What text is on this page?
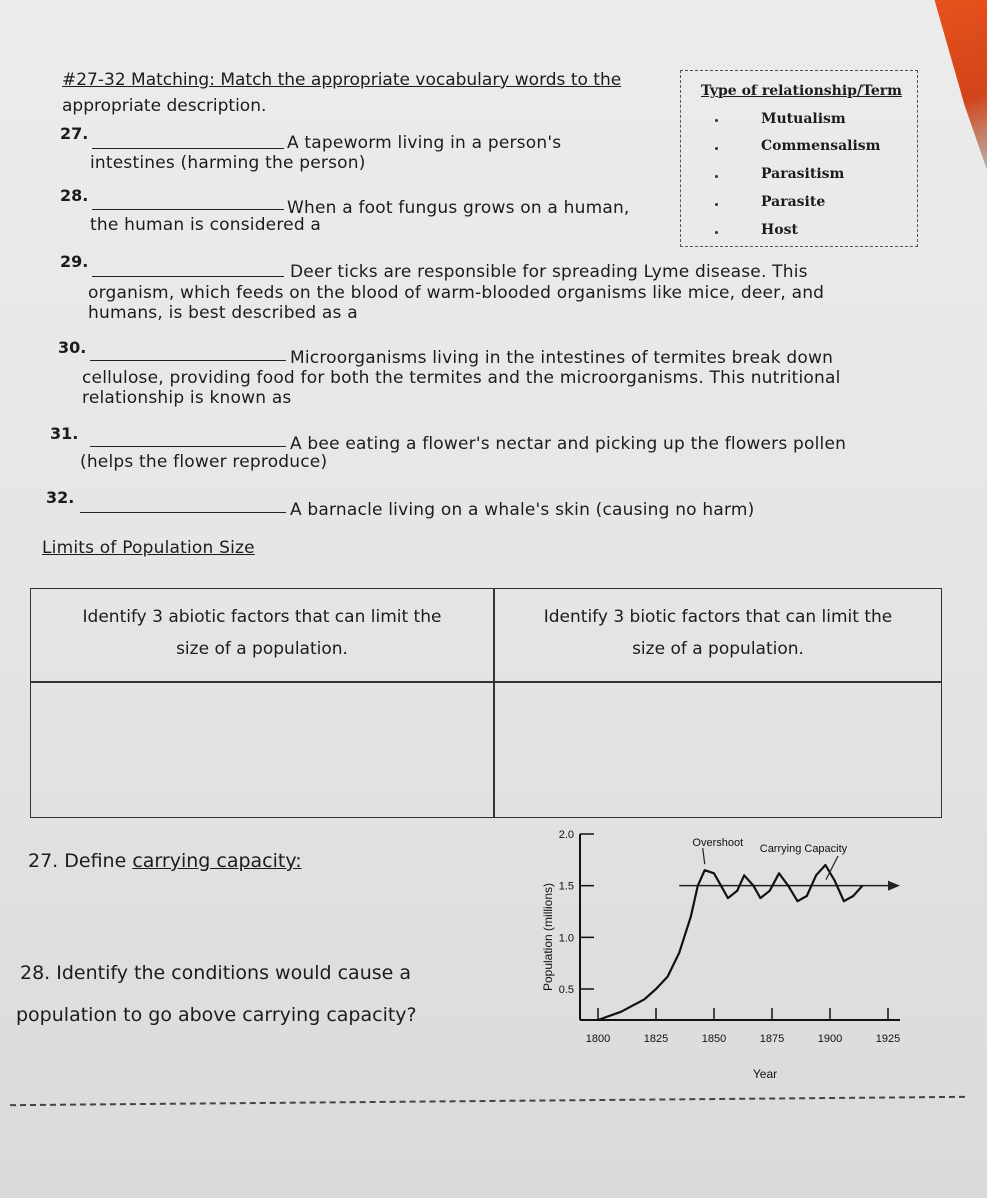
#27-32 Matching: Match the appropriate vocabulary words to the
appropriate description.
Type of relationship/Term
Mutualism
Commensalism
Parasitism
Parasite
Host
27.	A tapeworm living in a person's
intestines (harming the person)
28.
When a foot fungus grows on a human,
the human is considered a
29.
Deer ticks are responsible for spreading Lyme disease. This
organism, which feeds on the blood of warm-blooded organisms like mice, deer, and
humans, is best described as a
30.
Microorganisms living in the intestines of termites break down
cellulose, providing food for both the termites and the microorganisms. This nutritional
relationship is known as
31.
A bee eating a flower's nectar and picking up the flowers pollen
(helps the flower reproduce)
32.
A barnacle living on a whale's skin (causing no harm)
Limits of Population Size
Identify 3 abiotic factors that can limit the
size of a population.
Identify 3 biotic factors that can limit the
size of a population.
27. Define carrying capacity:
28. Identify the conditions would cause a
population to go above carrying capacity?
0.5
1.0
1.5
2.0
1800	1825	1850	1875	1900	1925
Overshoot Carrying Capacity
Year
Population (millions)
